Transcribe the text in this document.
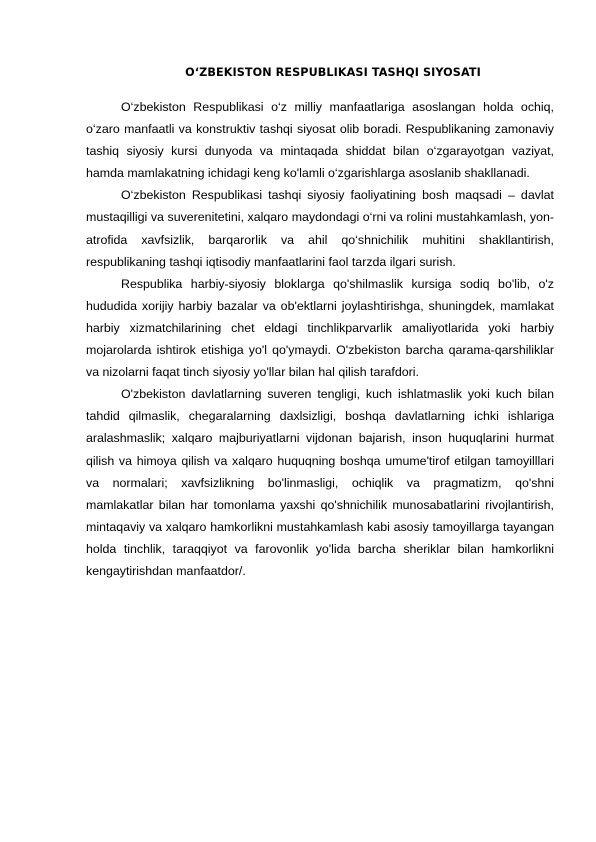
O‘ZBEKISTON RESPUBLIKASI TASHQI SIYOSATI

O‘zbekiston Respublikasi o‘z milliy manfaatlariga asoslangan holda ochiq, o‘zaro manfaatli va konstruktiv tashqi siyosat olib boradi. Respublikaning zamonaviy tashiq siyosiy kursi dunyoda va mintaqada shiddat bilan o‘zgarayotgan vaziyat, hamda mamlakatning ichidagi keng ko'lamli o‘zgarishlarga asoslanib shakllanadi.

O‘zbekiston Respublikasi tashqi siyosiy faoliyatining bosh maqsadi – davlat mustaqilligi va suverenitetini, xalqaro maydondagi o‘rni va rolini mustahkamlash, yon-atrofida xavfsizlik, barqarorlik va ahil qo‘shnichilik muhitini shakllantirish, respublikaning tashqi iqtisodiy manfaatlarini faol tarzda ilgari surish.

Respublika harbiy-siyosiy bloklarga qo'shilmaslik kursiga sodiq bo'lib, o'z hududida xorijiy harbiy bazalar va ob'ektlarni joylashtirishga, shuningdek, mamlakat harbiy xizmatchilarining chet eldagi tinchlikparvarlik amaliyotlarida yoki harbiy mojarolarda ishtirok etishiga yo'l qo'ymaydi. O'zbekiston barcha qarama-qarshiliklar va nizolarni faqat tinch siyosiy yo'llar bilan hal qilish tarafdori.

O'zbekiston davlatlarning suveren tengligi, kuch ishlatmaslik yoki kuch bilan tahdid qilmaslik, chegaralarning daxlsizligi, boshqa davlatlarning ichki ishlariga aralashmaslik; xalqaro majburiyatlarni vijdonan bajarish, inson huquqlarini hurmat qilish va himoya qilish va xalqaro huquqning boshqa umume'tirof etilgan tamoyilllari va normalari; xavfsizlikning bo'linmasligi, ochiqlik va pragmatizm, qo'shni mamlakatlar bilan har tomonlama yaxshi qo'shnichilik munosabatlarini rivojlantirish, mintaqaviy va xalqaro hamkorlikni mustahkamlash kabi asosiy tamoyillarga tayangan holda tinchlik, taraqqiyot va farovonlik yo'lida barcha sheriklar bilan hamkorlikni kengaytirishdan manfaatdor/.
